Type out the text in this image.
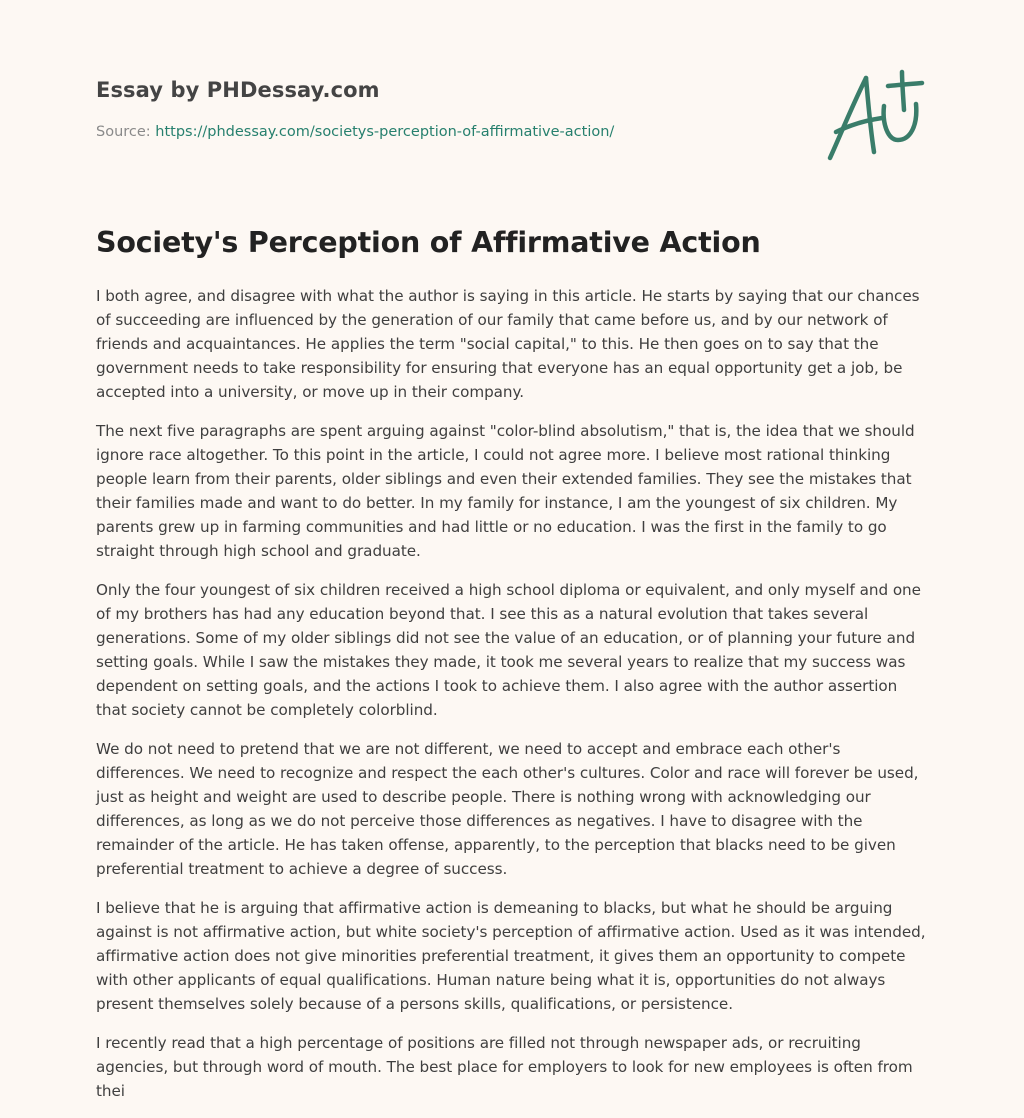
Essay by PHDessay.com
Source: https://phdessay.com/societys-perception-of-affirmative-action/
Society's Perception of Affirmative Action

I both agree, and disagree with what the author is saying in this article. He starts by saying that our chances of succeeding are influenced by the generation of our family that came before us, and by our network of friends and acquaintances. He applies the term "social capital," to this. He then goes on to say that the government needs to take responsibility for ensuring that everyone has an equal opportunity get a job, be accepted into a university, or move up in their company.

The next five paragraphs are spent arguing against "color-blind absolutism," that is, the idea that we should ignore race altogether. To this point in the article, I could not agree more. I believe most rational thinking people learn from their parents, older siblings and even their extended families. They see the mistakes that their families made and want to do better. In my family for instance, I am the youngest of six children. My parents grew up in farming communities and had little or no education. I was the first in the family to go straight through high school and graduate.

Only the four youngest of six children received a high school diploma or equivalent, and only myself and one of my brothers has had any education beyond that. I see this as a natural evolution that takes several generations. Some of my older siblings did not see the value of an education, or of planning your future and setting goals. While I saw the mistakes they made, it took me several years to realize that my success was dependent on setting goals, and the actions I took to achieve them. I also agree with the author assertion that society cannot be completely colorblind.

We do not need to pretend that we are not different, we need to accept and embrace each other's differences. We need to recognize and respect the each other's cultures. Color and race will forever be used, just as height and weight are used to describe people. There is nothing wrong with acknowledging our differences, as long as we do not perceive those differences as negatives. I have to disagree with the remainder of the article. He has taken offense, apparently, to the perception that blacks need to be given preferential treatment to achieve a degree of success.

I believe that he is arguing that affirmative action is demeaning to blacks, but what he should be arguing against is not affirmative action, but white society's perception of affirmative action. Used as it was intended, affirmative action does not give minorities preferential treatment, it gives them an opportunity to compete with other applicants of equal qualifications. Human nature being what it is, opportunities do not always present themselves solely because of a persons skills, qualifications, or persistence.

I recently read that a high percentage of positions are filled not through newspaper ads, or recruiting agencies, but through word of mouth. The best place for employers to look for new employees is often from thei
